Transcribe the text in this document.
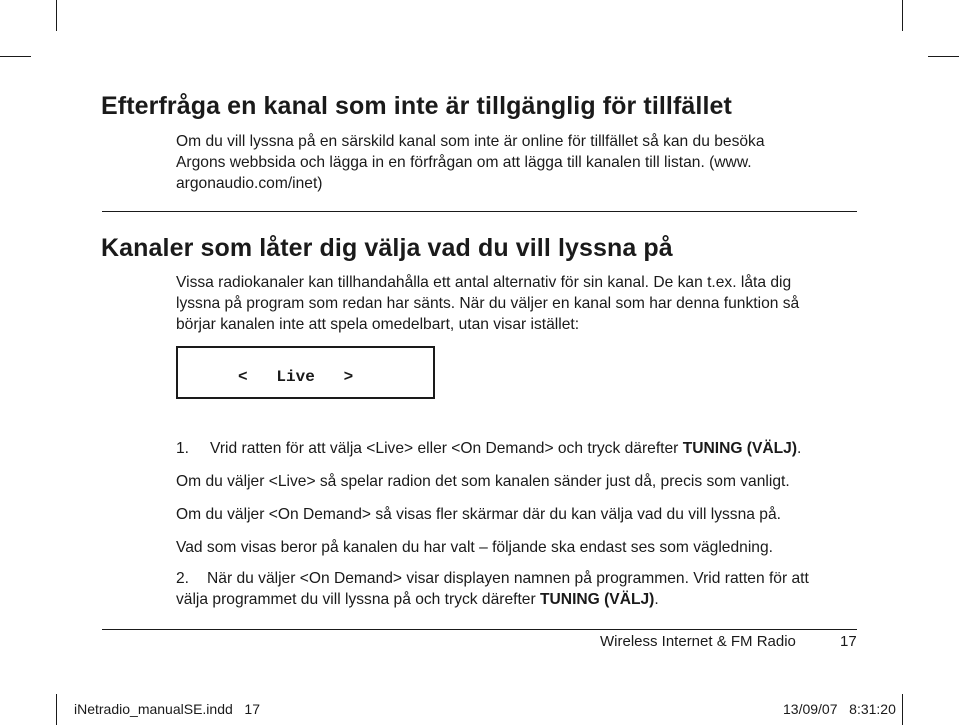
Efterfråga en kanal som inte är tillgänglig för tillfället
Om du vill lyssna på en särskild kanal som inte är online för tillfället så kan du besöka
Argons webbsida och lägga in en förfrågan om att lägga till kanalen till listan. (www.
argonaudio.com/inet)
Kanaler som låter dig välja vad du vill lyssna på
Vissa radiokanaler kan tillhandahålla ett antal alternativ för sin kanal. De kan t.ex. låta dig
lyssna på program som redan har sänts. När du väljer en kanal som har denna funktion så
börjar kanalen inte att spela omedelbart, utan visar istället:
<   Live   >
1. Vrid ratten för att välja <Live> eller <On Demand> och tryck därefter TUNING (VÄLJ).
Om du väljer <Live> så spelar radion det som kanalen sänder just då, precis som vanligt.
Om du väljer <On Demand> så visas fler skärmar där du kan välja vad du vill lyssna på.
Vad som visas beror på kanalen du har valt – följande ska endast ses som vägledning.
2. När du väljer <On Demand> visar displayen namnen på programmen. Vrid ratten för att
välja programmet du vill lyssna på och tryck därefter TUNING (VÄLJ).
Wireless Internet & FM Radio	17
iNetradio_manualSE.indd   17	13/09/07   8:31:20
